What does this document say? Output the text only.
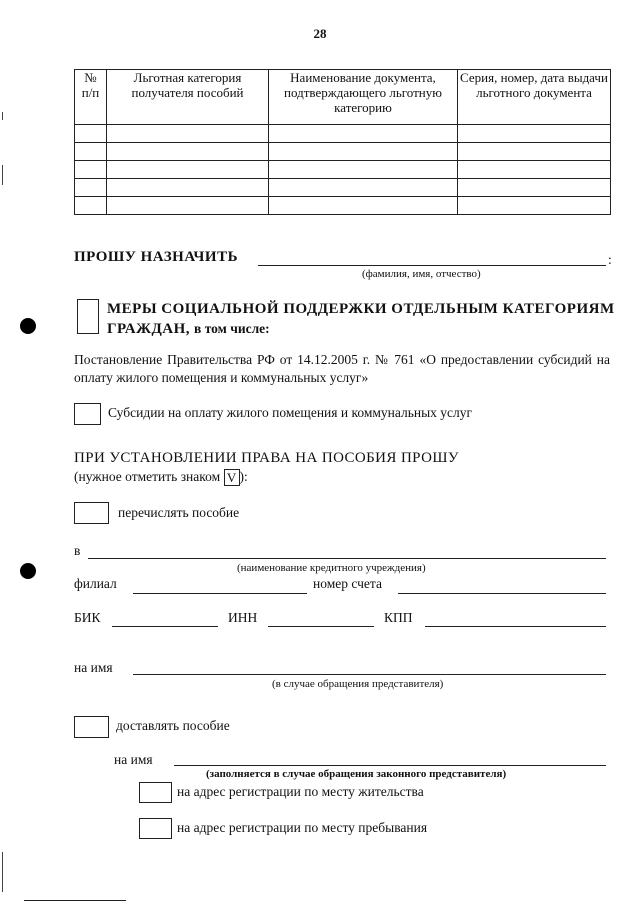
28
№
п/п	Льготная категория получателя пособий	Наименование документа, подтверждающего льготную категорию	Серия, номер, дата выдачи льготного документа

ПРОШУ НАЗНАЧИТЬ	:
(фамилия, имя, отчество)
МЕРЫ СОЦИАЛЬНОЙ ПОДДЕРЖКИ ОТДЕЛЬНЫМ КАТЕГОРИЯМ
ГРАЖДАН, в том числе:
Постановление Правительства РФ от 14.12.2005 г. № 761 «О предоставлении субсидий на оплату жилого помещения и коммунальных услуг»
Субсидии на оплату жилого помещения и коммунальных услуг
ПРИ УСТАНОВЛЕНИИ ПРАВА НА ПОСОБИЯ ПРОШУ
(нужное отметить знаком V ):
перечислять пособие
в
(наименование кредитного учреждения)
филиал	номер счета
БИК	ИНН	КПП
на имя
(в случае обращения представителя)
доставлять пособие
на имя
(заполняется в случае обращения законного представителя)
на адрес регистрации по месту жительства
на адрес регистрации по месту пребывания
